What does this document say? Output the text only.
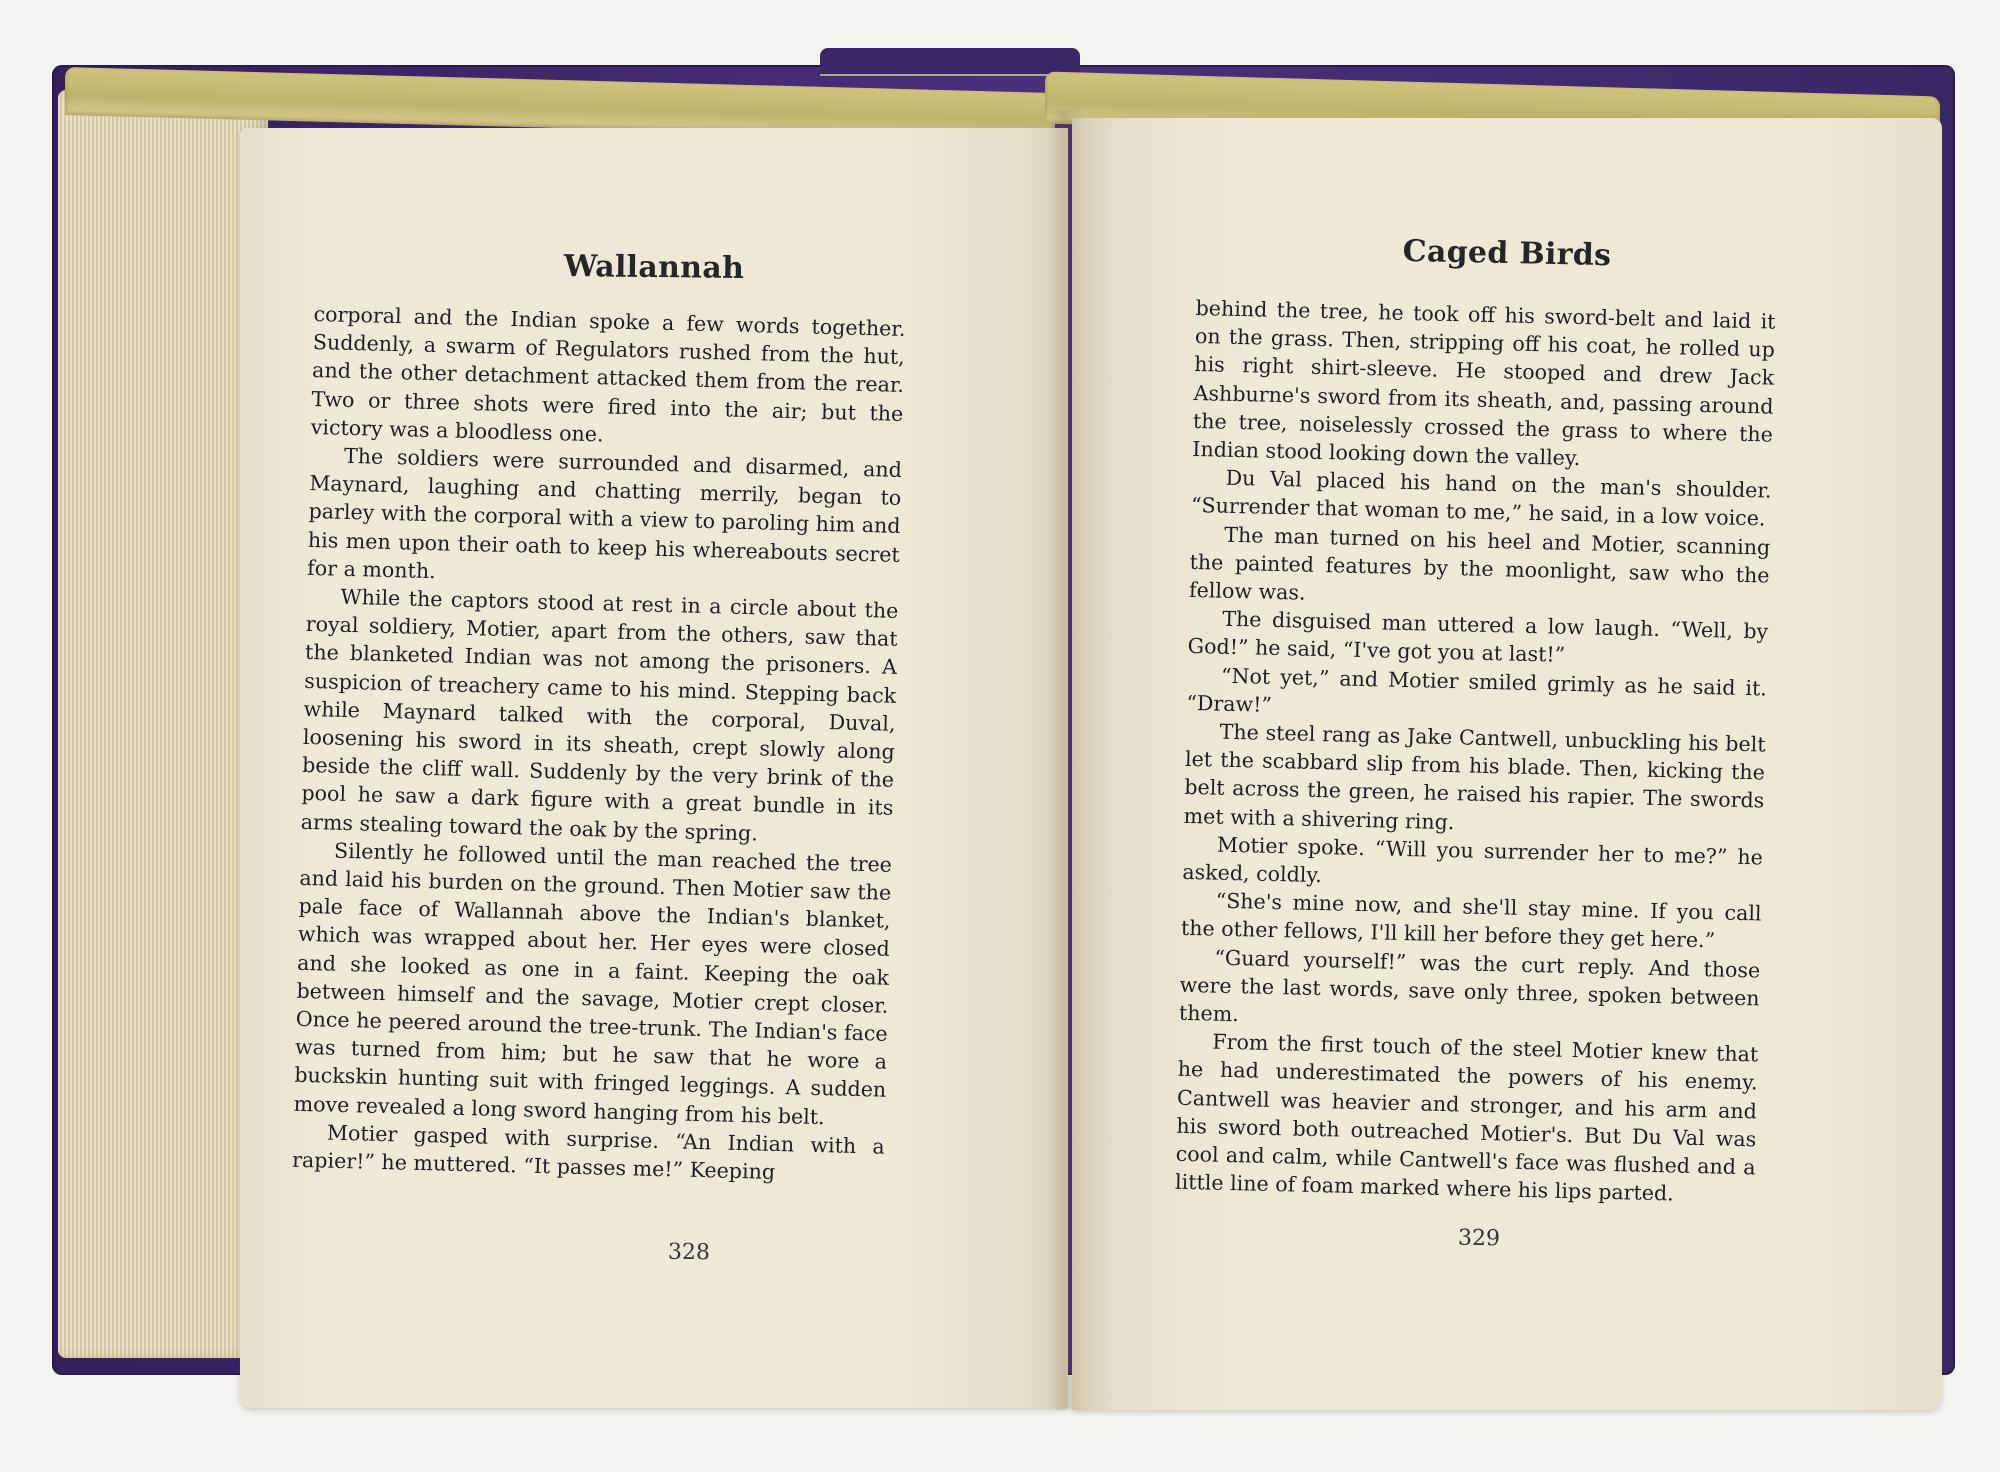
Wallannah

corporal and the Indian spoke a few words together. Suddenly, a swarm of Regulators rushed from the hut, and the other detachment attacked them from the rear. Two or three shots were fired into the air; but the victory was a bloodless one.

The soldiers were surrounded and disarmed, and Maynard, laughing and chatting merrily, began to parley with the corporal with a view to paroling him and his men upon their oath to keep his whereabouts secret for a month.

While the captors stood at rest in a circle about the royal soldiery, Motier, apart from the others, saw that the blanketed Indian was not among the prisoners. A suspicion of treachery came to his mind. Stepping back while Maynard talked with the corporal, Duval, loosening his sword in its sheath, crept slowly along beside the cliff wall. Suddenly by the very brink of the pool he saw a dark figure with a great bundle in its arms stealing toward the oak by the spring.

Silently he followed until the man reached the tree and laid his burden on the ground. Then Motier saw the pale face of Wallannah above the Indian's blanket, which was wrapped about her. Her eyes were closed and she looked as one in a faint. Keeping the oak between himself and the savage, Motier crept closer. Once he peered around the tree-trunk. The Indian's face was turned from him; but he saw that he wore a buckskin hunting suit with fringed leggings. A sudden move revealed a long sword hanging from his belt.

Motier gasped with surprise. “An Indian with a rapier!” he muttered. “It passes me!” Keeping

328
Caged Birds

behind the tree, he took off his sword-belt and laid it on the grass. Then, stripping off his coat, he rolled up his right shirt-sleeve. He stooped and drew Jack Ashburne's sword from its sheath, and, passing around the tree, noiselessly crossed the grass to where the Indian stood looking down the valley.

Du Val placed his hand on the man's shoulder. “Surrender that woman to me,” he said, in a low voice.

The man turned on his heel and Motier, scanning the painted features by the moonlight, saw who the fellow was.

The disguised man uttered a low laugh. “Well, by God!” he said, “I've got you at last!”

“Not yet,” and Motier smiled grimly as he said it. “Draw!”

The steel rang as Jake Cantwell, unbuckling his belt let the scabbard slip from his blade. Then, kicking the belt across the green, he raised his rapier. The swords met with a shivering ring.

Motier spoke. “Will you surrender her to me?” he asked, coldly.

“She's mine now, and she'll stay mine. If you call the other fellows, I'll kill her before they get here.”

“Guard yourself!” was the curt reply. And those were the last words, save only three, spoken between them.

From the first touch of the steel Motier knew that he had underestimated the powers of his enemy. Cantwell was heavier and stronger, and his arm and his sword both outreached Motier's. But Du Val was cool and calm, while Cantwell's face was flushed and a little line of foam marked where his lips parted.

329
